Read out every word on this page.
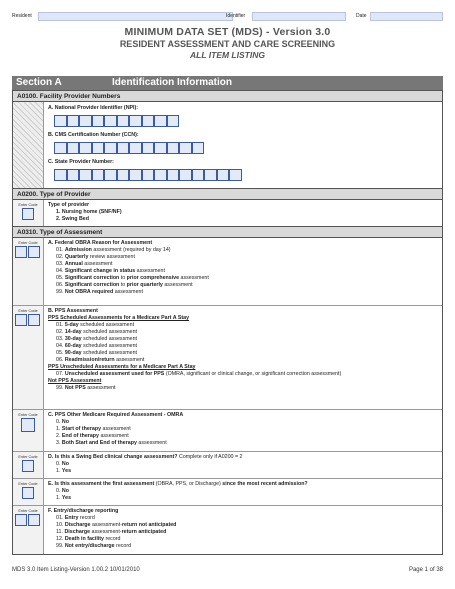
Resident	Identifier	Date
MINIMUM DATA SET (MDS) - Version 3.0
RESIDENT ASSESSMENT AND CARE SCREENING
ALL ITEM LISTING
Section A	Identification Information
A0100. Facility Provider Numbers
A. National Provider Identifier (NPI):
B. CMS Certification Number (CCN):
C. State Provider Number:
A0200. Type of Provider
Enter Code	Type of provider
1. Nursing home (SNF/NF)
2. Swing Bed
A0310. Type of Assessment
Enter Code	A. Federal OBRA Reason for Assessment
01. Admission assessment (required by day 14)
02. Quarterly review assessment
03. Annual assessment
04. Significant change in status assessment
05. Significant correction to prior comprehensive assessment
06. Significant correction to prior quarterly assessment
99. Not OBRA required assessment
Enter Code	B. PPS Assessment
PPS Scheduled Assessments for a Medicare Part A Stay
01. 5-day scheduled assessment
02. 14-day scheduled assessment
03. 30-day scheduled assessment
04. 60-day scheduled assessment
05. 90-day scheduled assessment
06. Readmission/return assessment
PPS Unscheduled Assessments for a Medicare Part A Stay
07. Unscheduled assessment used for PPS (OMRA, significant or clinical change, or significant correction assessment)
Not PPS Assessment
99. Not PPS assessment
Enter Code	C. PPS Other Medicare Required Assessment - OMRA
0. No
1. Start of therapy assessment
2. End of therapy assessment
3. Both Start and End of therapy assessment
Enter Code	D. Is this a Swing Bed clinical change assessment? Complete only if A0200 = 2
0. No
1. Yes
Enter Code	E. Is this assessment the first assessment (OBRA, PPS, or Discharge) since the most recent admission?
0. No
1. Yes
Enter Code	F. Entry/discharge reporting
01. Entry record
10. Discharge assessment-return not anticipated
11. Discharge assessment-return anticipated
12. Death in facility record
99. Not entry/discharge record
MDS 3.0 Item Listing-Version 1.00.2 10/01/2010	Page 1 of 38
